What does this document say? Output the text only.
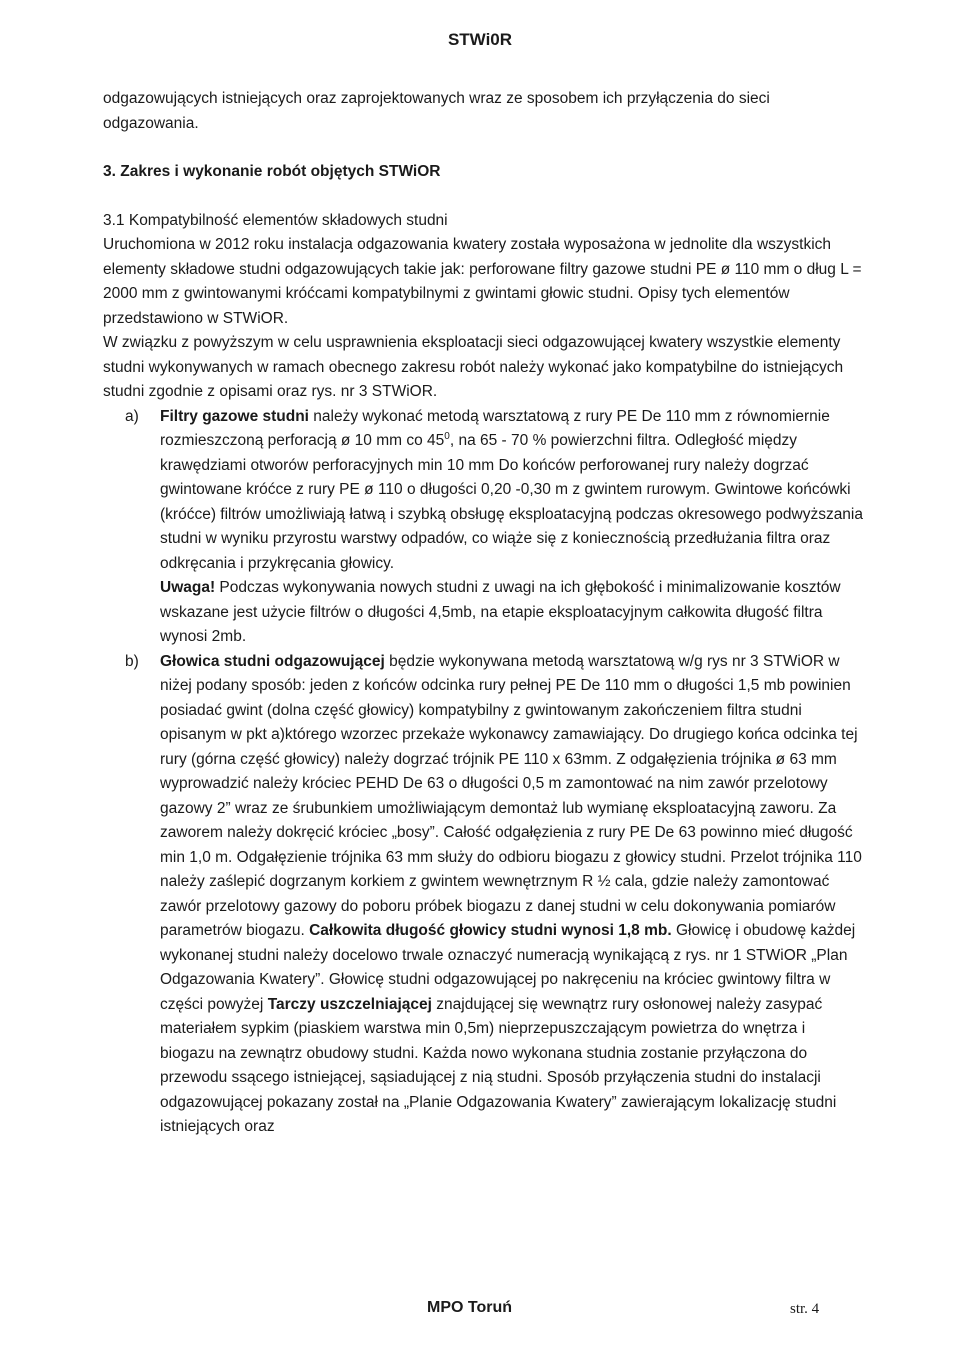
STWi0R

odgazowujących istniejących oraz zaprojektowanych wraz ze sposobem ich przyłączenia do sieci odgazowania.

3. Zakres i wykonanie robót objętych STWiOR

3.1 Kompatybilność elementów składowych studni

Uruchomiona w 2012 roku instalacja odgazowania kwatery została wyposażona w jednolite dla wszystkich elementy składowe studni odgazowujących takie jak: perforowane filtry gazowe studni PE ø 110 mm o dług L = 2000 mm z gwintowanymi króćcami kompatybilnymi z gwintami głowic studni. Opisy tych elementów przedstawiono w STWiOR.

W związku z powyższym w celu usprawnienia eksploatacji sieci odgazowującej kwatery wszystkie elementy studni wykonywanych w ramach obecnego zakresu robót należy wykonać jako kompatybilne do istniejących studni zgodnie z opisami oraz rys. nr 3 STWiOR.

a)	Filtry gazowe studni należy wykonać metodą warsztatową z rury PE De 110 mm z równomiernie rozmieszczoną perforacją ø 10 mm co $45^0$, na 65 - 70 % powierzchni filtra. Odległość między krawędziami otworów perforacyjnych min 10 mm Do końców perforowanej rury należy dogrzać gwintowane króćce z rury PE ø 110 o długości 0,20 -0,30 m z gwintem rurowym. Gwintowe końcówki (króćce) filtrów umożliwiają łatwą i szybką obsługę eksploatacyjną podczas okresowego podwyższania studni w wyniku przyrostu warstwy odpadów, co wiąże się z koniecznością przedłużania filtra oraz odkręcania i przykręcania głowicy.

Uwaga! Podczas wykonywania nowych studni z uwagi na ich głębokość i minimalizowanie kosztów wskazane jest użycie filtrów o długości 4,5mb, na etapie eksploatacyjnym całkowita długość filtra wynosi 2mb.

b)	Głowica studni odgazowującej będzie wykonywana metodą warsztatową w/g rys nr 3 STWiOR w niżej podany sposób: jeden z końców odcinka rury pełnej PE De 110 mm o długości 1,5 mb powinien posiadać gwint (dolna część głowicy) kompatybilny z gwintowanym zakończeniem filtra studni opisanym w pkt a)którego wzorzec przekaże wykonawcy zamawiający. Do drugiego końca odcinka tej rury (górna część głowicy) należy dogrzać trójnik PE 110 x 63mm. Z odgałęzienia trójnika ø 63 mm wyprowadzić należy króciec PEHD De 63 o długości 0,5 m zamontować na nim zawór przelotowy gazowy 2” wraz ze śrubunkiem umożliwiającym demontaż lub wymianę eksploatacyjną zaworu. Za zaworem należy dokręcić króciec „bosy”. Całość odgałęzienia z rury PE De 63 powinno mieć długość min 1,0 m. Odgałęzienie trójnika 63 mm służy do odbioru biogazu z głowicy studni. Przelot trójnika 110 należy zaślepić dogrzanym korkiem z gwintem wewnętrznym R ½ cala, gdzie należy zamontować zawór przelotowy gazowy do poboru próbek biogazu z danej studni w celu dokonywania pomiarów parametrów biogazu. Całkowita długość głowicy studni wynosi 1,8 mb. Głowicę i obudowę każdej wykonanej studni należy docelowo trwale oznaczyć numeracją wynikającą z rys. nr 1 STWiOR „Plan Odgazowania Kwatery”. Głowicę studni odgazowującej po nakręceniu na króciec gwintowy filtra w części powyżej Tarczy uszczelniającej znajdującej się wewnątrz rury osłonowej należy zasypać materiałem sypkim (piaskiem warstwa min 0,5m) nieprzepuszczającym powietrza do wnętrza i biogazu na zewnątrz obudowy studni. Każda nowo wykonana studnia zostanie przyłączona do przewodu ssącego istniejącej, sąsiadującej z nią studni. Sposób przyłączenia studni do instalacji odgazowującej pokazany został na „Planie Odgazowania Kwatery” zawierającym lokalizację studni istniejących oraz

MPO Toruń	str. 4
